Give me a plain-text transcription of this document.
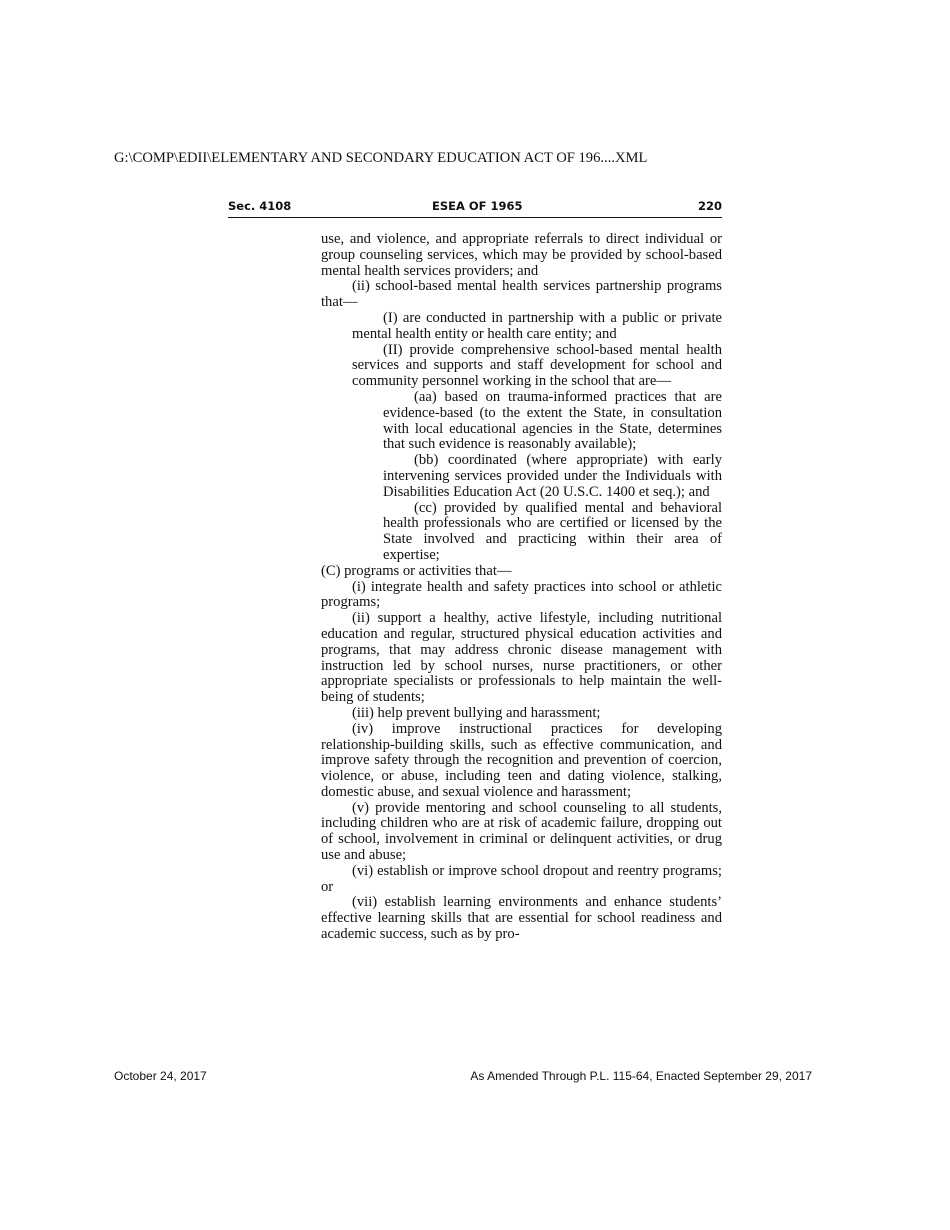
G:\COMP\EDII\ELEMENTARY AND SECONDARY EDUCATION ACT OF 196....XML
Sec. 4108	ESEA OF 1965	220

use, and violence, and appropriate referrals to direct individual or group counseling services, which may be provided by school-based mental health services providers; and

(ii) school-based mental health services partnership programs that—

(I) are conducted in partnership with a public or private mental health entity or health care entity; and

(II) provide comprehensive school-based mental health services and supports and staff development for school and community personnel working in the school that are—

(aa) based on trauma-informed practices that are evidence-based (to the extent the State, in consultation with local educational agencies in the State, determines that such evidence is reasonably available);

(bb) coordinated (where appropriate) with early intervening services provided under the Individuals with Disabilities Education Act (20 U.S.C. 1400 et seq.); and

(cc) provided by qualified mental and behavioral health professionals who are certified or licensed by the State involved and practicing within their area of expertise;

(C) programs or activities that—

(i) integrate health and safety practices into school or athletic programs;

(ii) support a healthy, active lifestyle, including nutritional education and regular, structured physical education activities and programs, that may address chronic disease management with instruction led by school nurses, nurse practitioners, or other appropriate specialists or professionals to help maintain the well-being of students;

(iii) help prevent bullying and harassment;

(iv) improve instructional practices for developing relationship-building skills, such as effective communication, and improve safety through the recognition and prevention of coercion, violence, or abuse, including teen and dating violence, stalking, domestic abuse, and sexual violence and harassment;

(v) provide mentoring and school counseling to all students, including children who are at risk of academic failure, dropping out of school, involvement in criminal or delinquent activities, or drug use and abuse;

(vi) establish or improve school dropout and reentry programs; or

(vii) establish learning environments and enhance students’ effective learning skills that are essential for school readiness and academic success, such as by pro-

October 24, 2017	As Amended Through P.L. 115-64, Enacted September 29, 2017
